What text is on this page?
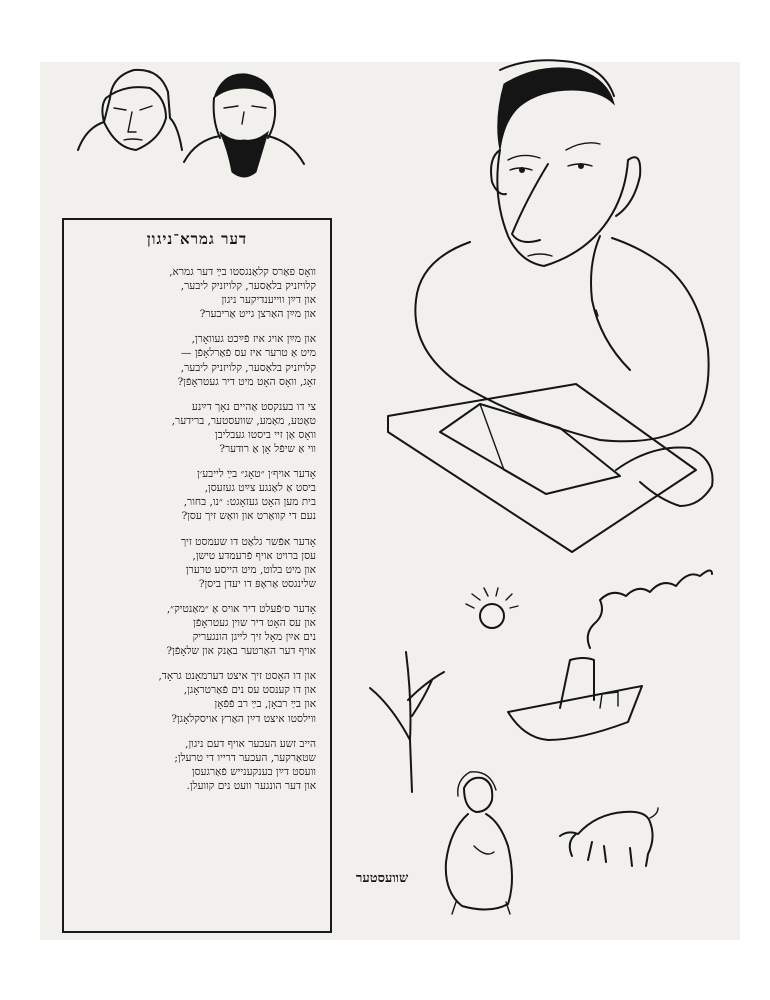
דער גמרא־ניגון
וואָס פאַרס קלאַנגסטו בײַ דער גמרא,
קלויזניק בלאַסער, קלויזניק ליבער,
און דײַן ווייענדיקער ניגון
און מײַן האַרצן גייט אַריבער?
און מײַן אויג איז פֿײַכט געוואָרן,
מיט אַ טרער איז עס פֿאַרלאָפֿן —
קלויזניק בלאַסער, קלויזניק ליבער,
זאָג, וואָס האָט מיט דיר געטראָפֿן?
צי דו בענקסט אַהיים נאָך דײַנע
טאַטע, מאַמע, שוועסטער, ברידער,
וואָס אַן זיי ביסטו געבליבן
ווי אַ שיפֿל אָן אַ רודער?
אָדער אויף׳ן ״טאָג״ בײַ לייבע׳ן
ביסט אַ לאַנגע צײַט געזעסן,
בית מען האָט געזאָגט: ״נו, בחור,
נעם די קוואַרט און וואַש זיך עסן?
אָדער אפֿשר גלאַט דו שעמסט זיך
עסן ברויט אויף פֿרעמדע טישן,
און מיט בלוט, מיט הייסע טרערן
שלינגסט אַראָפּ דו יעדן ביסן?
אָדער ס׳פֿעלט דיר אויס אַ ״מאַנטיק״,
און עס האָט דיר שוין געטראָפֿן
נים אײַן מאָל זיך לײגן הונגעריק
אויף דער האַרטער באַנק און שלאָפֿן?
און דו האָסט זיך איצט דערמאָנט גראָד,
און דו קענסט עס נים פֿאַרטראָגן,
און בײַ רבאָן, בײַ רב פֿפֿאָן
ווילסטו איצט דײַן האַרץ אויסקלאָגן?
הייב זשע העכער אויף דעם ניגון,
שטאַרקער, העכער דרייו די טרעלן;
וועסט דײַן בענקענייש פֿאַרגעסן
און דער הונגער וועט נים קוועלן.
שוועסטער
